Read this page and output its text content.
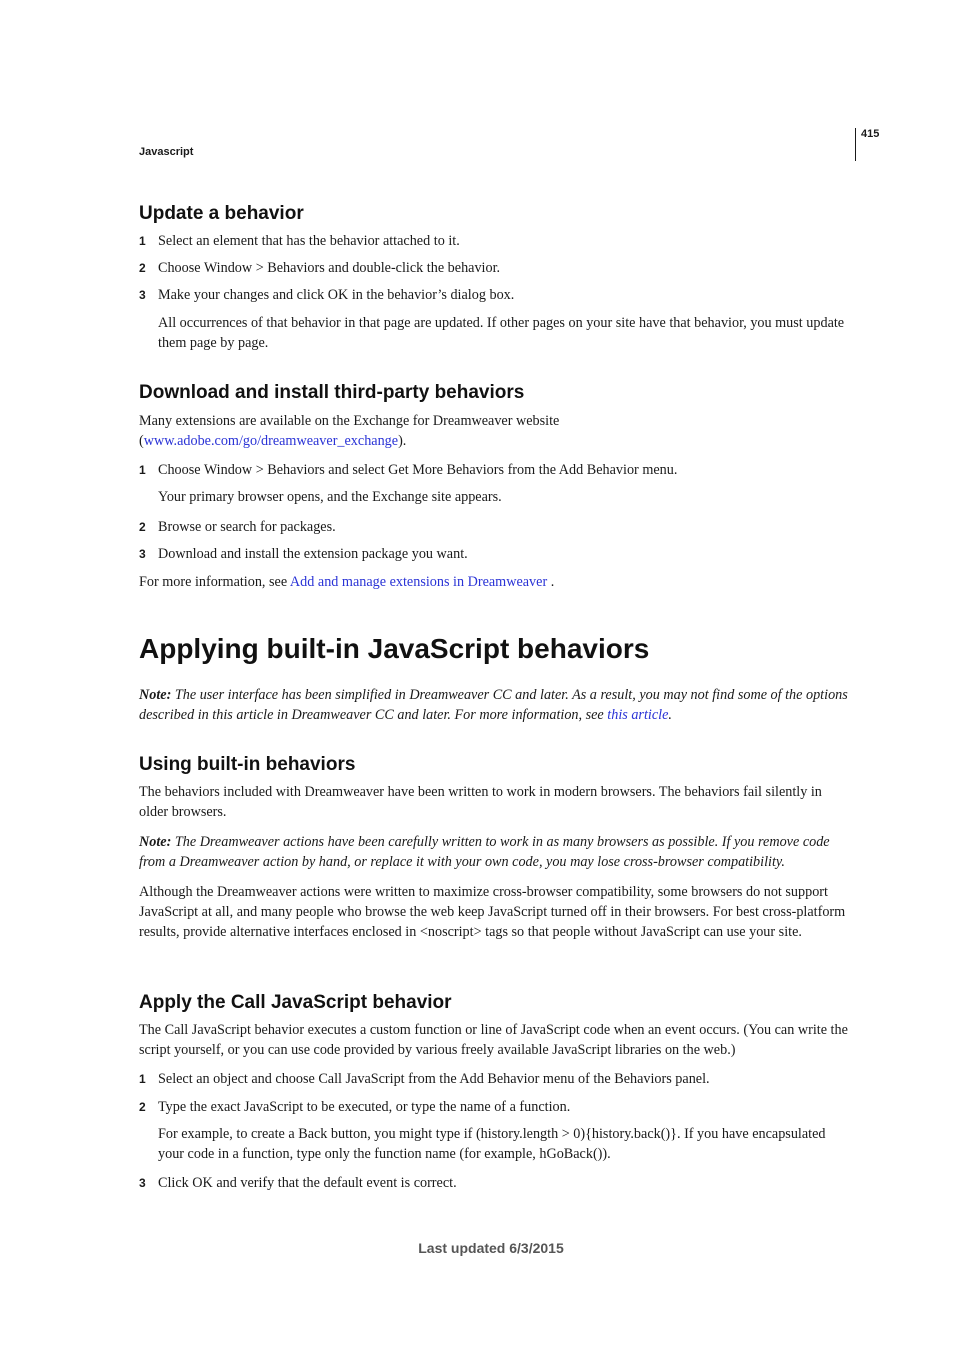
Javascript
415
Update a behavior
1 Select an element that has the behavior attached to it.
2 Choose Window > Behaviors and double-click the behavior.
3 Make your changes and click OK in the behavior’s dialog box.
All occurrences of that behavior in that page are updated. If other pages on your site have that behavior, you must update them page by page.
Download and install third-party behaviors
Many extensions are available on the Exchange for Dreamweaver website
(www.adobe.com/go/dreamweaver_exchange).
1 Choose Window > Behaviors and select Get More Behaviors from the Add Behavior menu.
Your primary browser opens, and the Exchange site appears.
2 Browse or search for packages.
3 Download and install the extension package you want.
For more information, see Add and manage extensions in Dreamweaver .
Applying built-in JavaScript behaviors
Note: The user interface has been simplified in Dreamweaver CC and later. As a result, you may not find some of the options described in this article in Dreamweaver CC and later. For more information, see this article.
Using built-in behaviors
The behaviors included with Dreamweaver have been written to work in modern browsers. The behaviors fail silently in older browsers.
Note: The Dreamweaver actions have been carefully written to work in as many browsers as possible. If you remove code from a Dreamweaver action by hand, or replace it with your own code, you may lose cross-browser compatibility.
Although the Dreamweaver actions were written to maximize cross-browser compatibility, some browsers do not support JavaScript at all, and many people who browse the web keep JavaScript turned off in their browsers. For best cross-platform results, provide alternative interfaces enclosed in <noscript> tags so that people without JavaScript can use your site.
Apply the Call JavaScript behavior
The Call JavaScript behavior executes a custom function or line of JavaScript code when an event occurs. (You can write the script yourself, or you can use code provided by various freely available JavaScript libraries on the web.)
1 Select an object and choose Call JavaScript from the Add Behavior menu of the Behaviors panel.
2 Type the exact JavaScript to be executed, or type the name of a function.
For example, to create a Back button, you might type if (history.length > 0){history.back()}. If you have encapsulated your code in a function, type only the function name (for example, hGoBack()).
3 Click OK and verify that the default event is correct.
Last updated 6/3/2015
